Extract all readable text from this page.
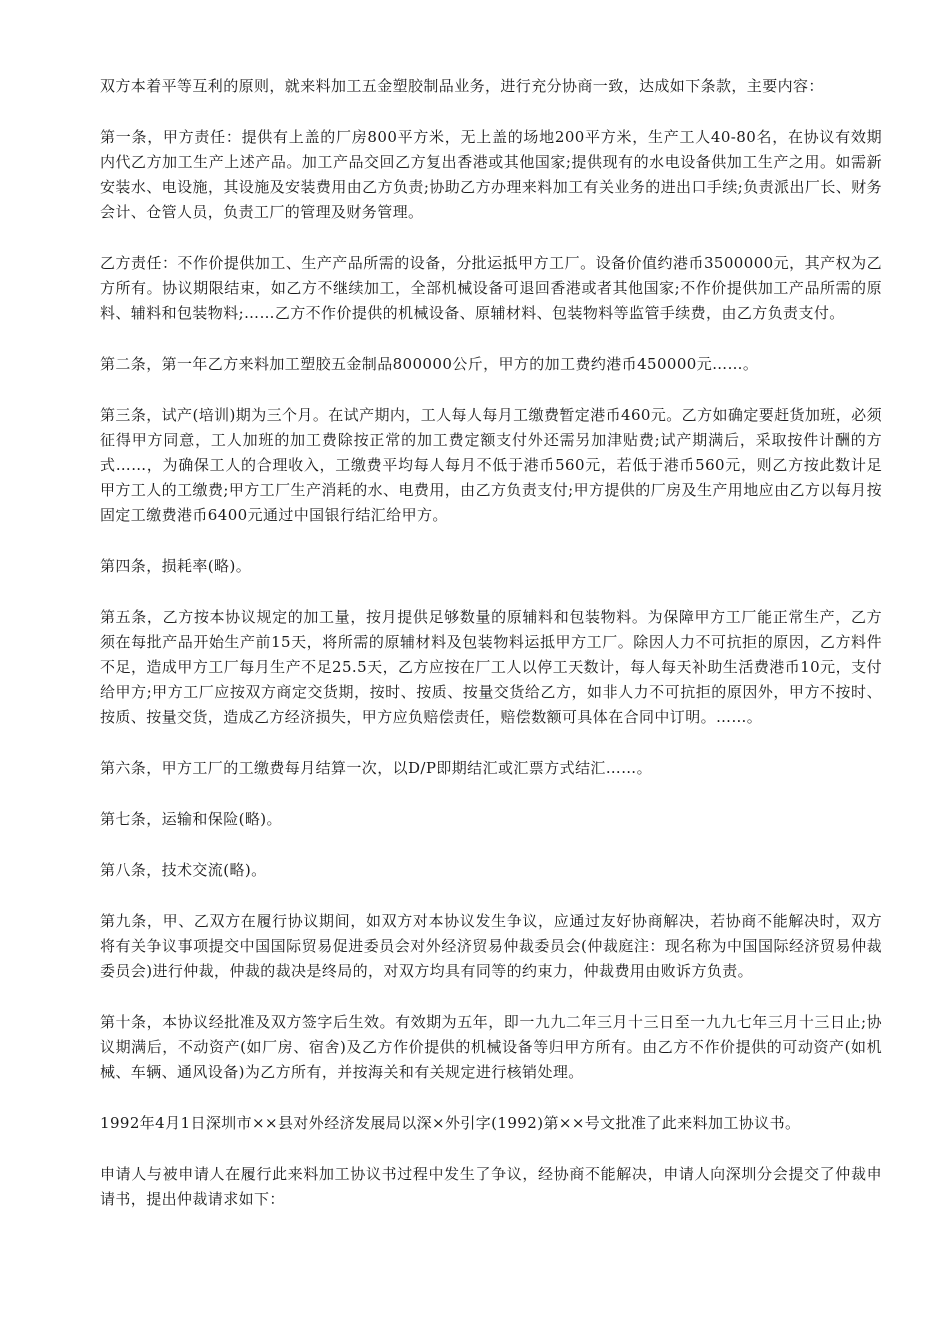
双方本着平等互利的原则，就来料加工五金塑胶制品业务，进行充分协商一致，达成如下条款，主要内容：

第一条，甲方责任：提供有上盖的厂房800平方米，无上盖的场地200平方米，生产工人40-80名，在协议有效期内代乙方加工生产上述产品。加工产品交回乙方复出香港或其他国家;提供现有的水电设备供加工生产之用。如需新安装水、电设施，其设施及安装费用由乙方负责;协助乙方办理来料加工有关业务的进出口手续;负责派出厂长、财务会计、仓管人员，负责工厂的管理及财务管理。

乙方责任：不作价提供加工、生产产品所需的设备，分批运抵甲方工厂。设备价值约港币3500000元，其产权为乙方所有。协议期限结束，如乙方不继续加工，全部机械设备可退回香港或者其他国家;不作价提供加工产品所需的原料、辅料和包装物料;……乙方不作价提供的机械设备、原辅材料、包装物料等监管手续费，由乙方负责支付。

第二条，第一年乙方来料加工塑胶五金制品800000公斤，甲方的加工费约港币450000元……。

第三条，试产(培训)期为三个月。在试产期内，工人每人每月工缴费暂定港币460元。乙方如确定要赶货加班，必须征得甲方同意，工人加班的加工费除按正常的加工费定额支付外还需另加津贴费;试产期满后，采取按件计酬的方式……，为确保工人的合理收入，工缴费平均每人每月不低于港币560元，若低于港币560元，则乙方按此数计足甲方工人的工缴费;甲方工厂生产消耗的水、电费用，由乙方负责支付;甲方提供的厂房及生产用地应由乙方以每月按固定工缴费港币6400元通过中国银行结汇给甲方。

第四条，损耗率(略)。

第五条，乙方按本协议规定的加工量，按月提供足够数量的原辅料和包装物料。为保障甲方工厂能正常生产，乙方须在每批产品开始生产前15天，将所需的原辅材料及包装物料运抵甲方工厂。除因人力不可抗拒的原因，乙方料件不足，造成甲方工厂每月生产不足25.5天，乙方应按在厂工人以停工天数计，每人每天补助生活费港币10元，支付给甲方;甲方工厂应按双方商定交货期，按时、按质、按量交货给乙方，如非人力不可抗拒的原因外，甲方不按时、按质、按量交货，造成乙方经济损失，甲方应负赔偿责任，赔偿数额可具体在合同中订明。……。

第六条，甲方工厂的工缴费每月结算一次，以D/P即期结汇或汇票方式结汇……。

第七条，运输和保险(略)。

第八条，技术交流(略)。

第九条，甲、乙双方在履行协议期间，如双方对本协议发生争议，应通过友好协商解决，若协商不能解决时，双方将有关争议事项提交中国国际贸易促进委员会对外经济贸易仲裁委员会(仲裁庭注：现名称为中国国际经济贸易仲裁委员会)进行仲裁，仲裁的裁决是终局的，对双方均具有同等的约束力，仲裁费用由败诉方负责。

第十条，本协议经批准及双方签字后生效。有效期为五年，即一九九二年三月十三日至一九九七年三月十三日止;协议期满后，不动资产(如厂房、宿舍)及乙方作价提供的机械设备等归甲方所有。由乙方不作价提供的可动资产(如机械、车辆、通风设备)为乙方所有，并按海关和有关规定进行核销处理。

1992年4月1日深圳市××县对外经济发展局以深×外引字(1992)第××号文批准了此来料加工协议书。

申请人与被申请人在履行此来料加工协议书过程中发生了争议，经协商不能解决，申请人向深圳分会提交了仲裁申请书，提出仲裁请求如下：
